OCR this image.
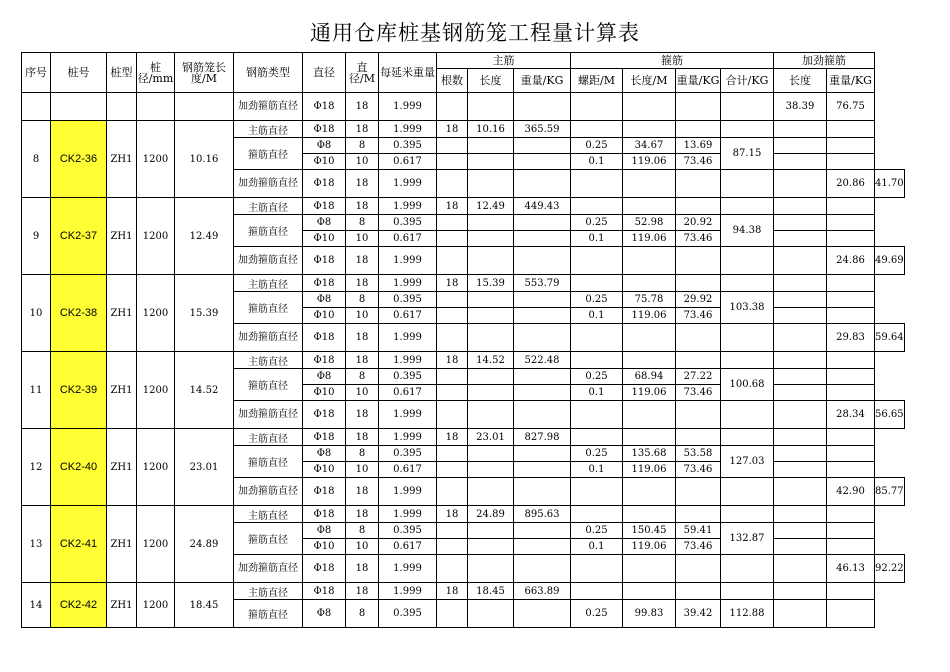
通用仓库桩基钢筋笼工程量计算表
序号	桩号	桩型	桩径/mm	钢筋笼长度/M	钢筋类型	直径	直径/M	每延米重量	主筋			箍筋				加劲箍筋		
									根数	长度	重量/KG	螺距/M	长度/M	重量/KG	合计/KG	长度	重量/KG	
					加劲箍筋直径	Φ18	18	1.999								38.39	76.75	
8	CK2-36	ZH1	1200	10.16	主筋直径	Φ18	18	1.999	18	10.16	365.59							
					箍筋直径	Φ8	8	0.395				0.25	34.67	13.69	87.15			
						Φ10	10	0.617				0.1	119.06	73.46				
					加劲箍筋直径	Φ18	18	1.999									20.86	41.70
9	CK2-37	ZH1	1200	12.49	主筋直径	Φ18	18	1.999	18	12.49	449.43							
					箍筋直径	Φ8	8	0.395				0.25	52.98	20.92	94.38			
						Φ10	10	0.617				0.1	119.06	73.46				
					加劲箍筋直径	Φ18	18	1.999									24.86	49.69
10	CK2-38	ZH1	1200	15.39	主筋直径	Φ18	18	1.999	18	15.39	553.79							
					箍筋直径	Φ8	8	0.395				0.25	75.78	29.92	103.38			
						Φ10	10	0.617				0.1	119.06	73.46				
					加劲箍筋直径	Φ18	18	1.999									29.83	59.64
11	CK2-39	ZH1	1200	14.52	主筋直径	Φ18	18	1.999	18	14.52	522.48							
					箍筋直径	Φ8	8	0.395				0.25	68.94	27.22	100.68			
						Φ10	10	0.617				0.1	119.06	73.46				
					加劲箍筋直径	Φ18	18	1.999									28.34	56.65
12	CK2-40	ZH1	1200	23.01	主筋直径	Φ18	18	1.999	18	23.01	827.98							
					箍筋直径	Φ8	8	0.395				0.25	135.68	53.58	127.03			
						Φ10	10	0.617				0.1	119.06	73.46				
					加劲箍筋直径	Φ18	18	1.999									42.90	85.77
13	CK2-41	ZH1	1200	24.89	主筋直径	Φ18	18	1.999	18	24.89	895.63							
					箍筋直径	Φ8	8	0.395				0.25	150.45	59.41	132.87			
						Φ10	10	0.617				0.1	119.06	73.46				
					加劲箍筋直径	Φ18	18	1.999									46.13	92.22
14	CK2-42	ZH1	1200	18.45	主筋直径	Φ18	18	1.999	18	18.45	663.89							
					箍筋直径	Φ8	8	0.395				0.25	99.83	39.42	112.88			
